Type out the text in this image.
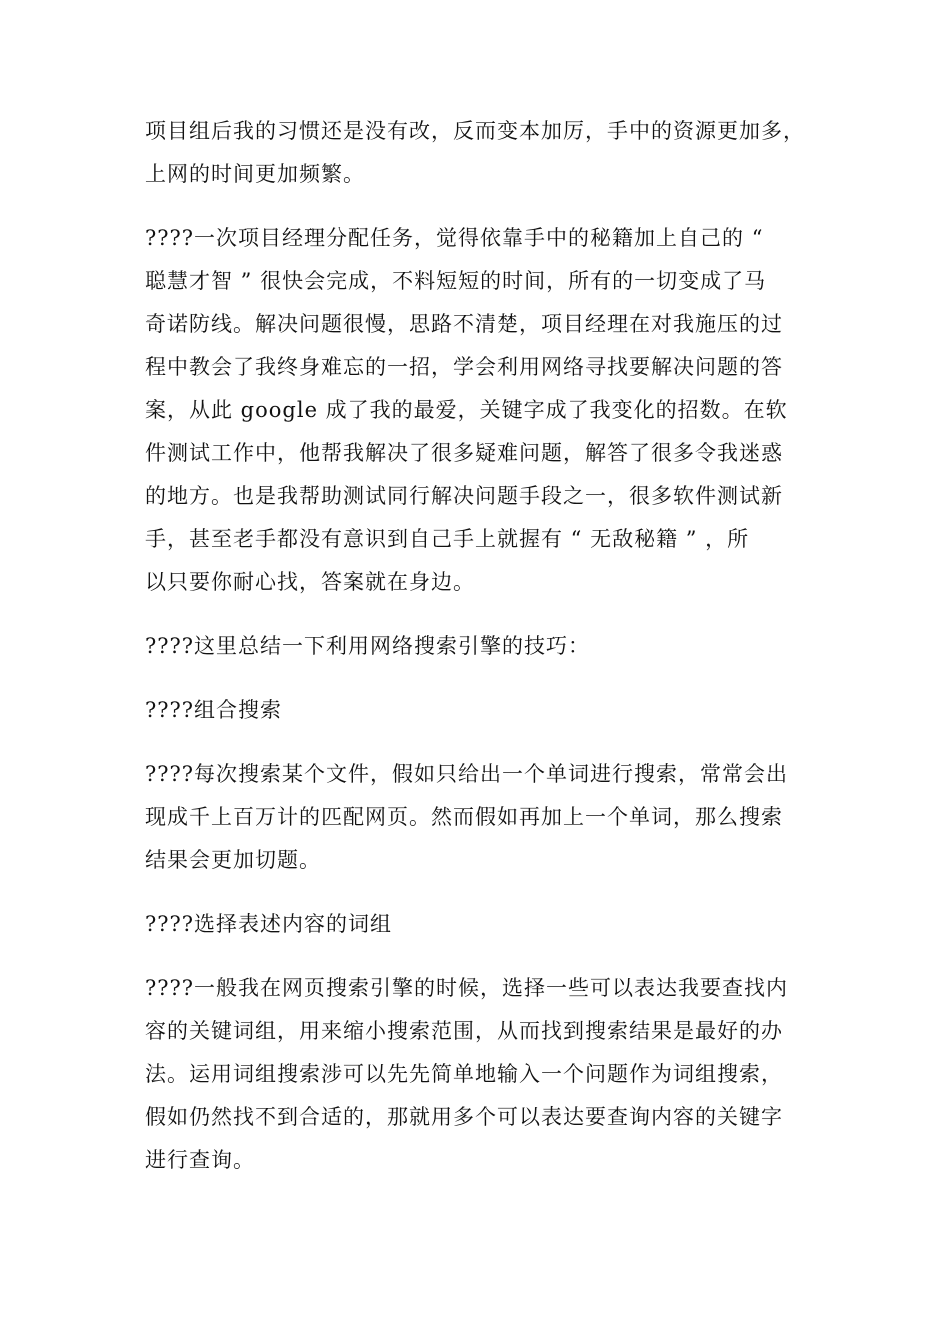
项目组后我的习惯还是没有改，反而变本加厉，手中的资源更加多，
上网的时间更加频繁。

????一次项目经理分配任务，觉得依靠手中的秘籍加上自己的 “
聪慧才智 ” 很快会完成，不料短短的时间，所有的一切变成了马
奇诺防线。解决问题很慢，思路不清楚，项目经理在对我施压的过
程中教会了我终身难忘的一招，学会利用网络寻找要解决问题的答
案，从此 google 成了我的最爱，关键字成了我变化的招数。在软
件测试工作中，他帮我解决了很多疑难问题，解答了很多令我迷惑
的地方。也是我帮助测试同行解决问题手段之一，很多软件测试新
手，甚至老手都没有意识到自己手上就握有 “ 无敌秘籍 ” ，所
以只要你耐心找，答案就在身边。

????这里总结一下利用网络搜索引擎的技巧：

????组合搜索

????每次搜索某个文件，假如只给出一个单词进行搜索，常常会出
现成千上百万计的匹配网页。然而假如再加上一个单词，那么搜索
结果会更加切题。

????选择表述内容的词组

????一般我在网页搜索引擎的时候，选择一些可以表达我要查找内
容的关键词组，用来缩小搜索范围，从而找到搜索结果是最好的办
法。运用词组搜索涉可以先先简单地输入一个问题作为词组搜索，
假如仍然找不到合适的，那就用多个可以表达要查询内容的关键字
进行查询。
